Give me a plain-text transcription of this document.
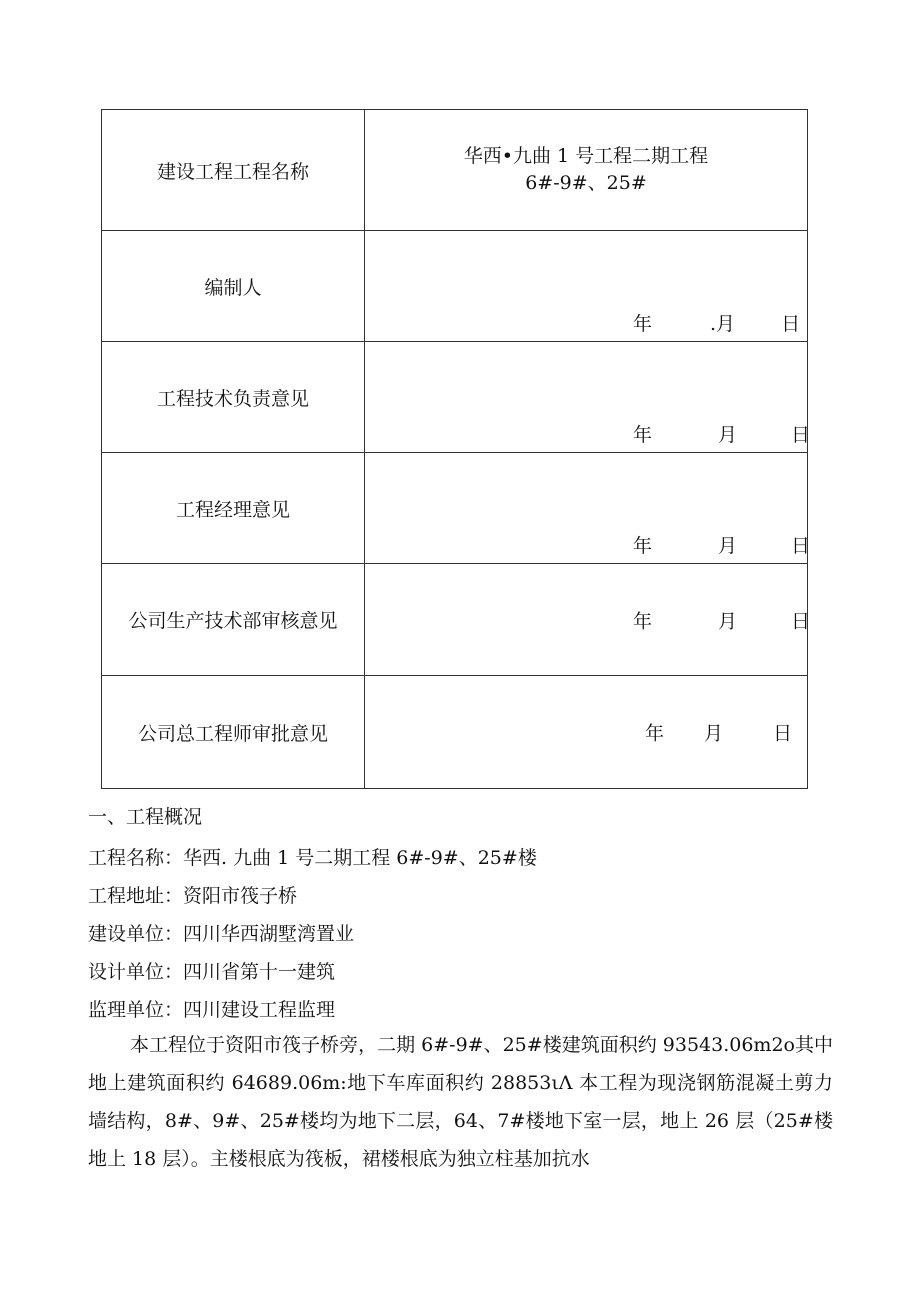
建设工程工程名称	华西•九曲 1 号工程二期工程
6#-9#、25#

编制人	年 .月 日

工程技术负责意见	年 月 日

工程经理意见	年 月 日

公司生产技术部审核意见	年 月 日

公司总工程师审批意见	年 月 日
一、工程概况
工程名称：华西. 九曲 1 号二期工程 6#-9#、25#楼
工程地址：资阳市筏子桥
建设单位：四川华西湖墅湾置业
设计单位：四川省第十一建筑
监理单位：四川建设工程监理
本工程位于资阳市筏子桥旁，二期 6#-9#、25#楼建筑面积约 93543.06m2o其中地上建筑面积约 64689.06m:地下车库面积约 28853ιΛ 本工程为现浇钢筋混凝土剪力墙结构，8#、9#、25#楼均为地下二层，64、7#楼地下室一层，地上 26 层（25#楼地上 18 层）。主楼根底为筏板，裙楼根底为独立柱基加抗水
